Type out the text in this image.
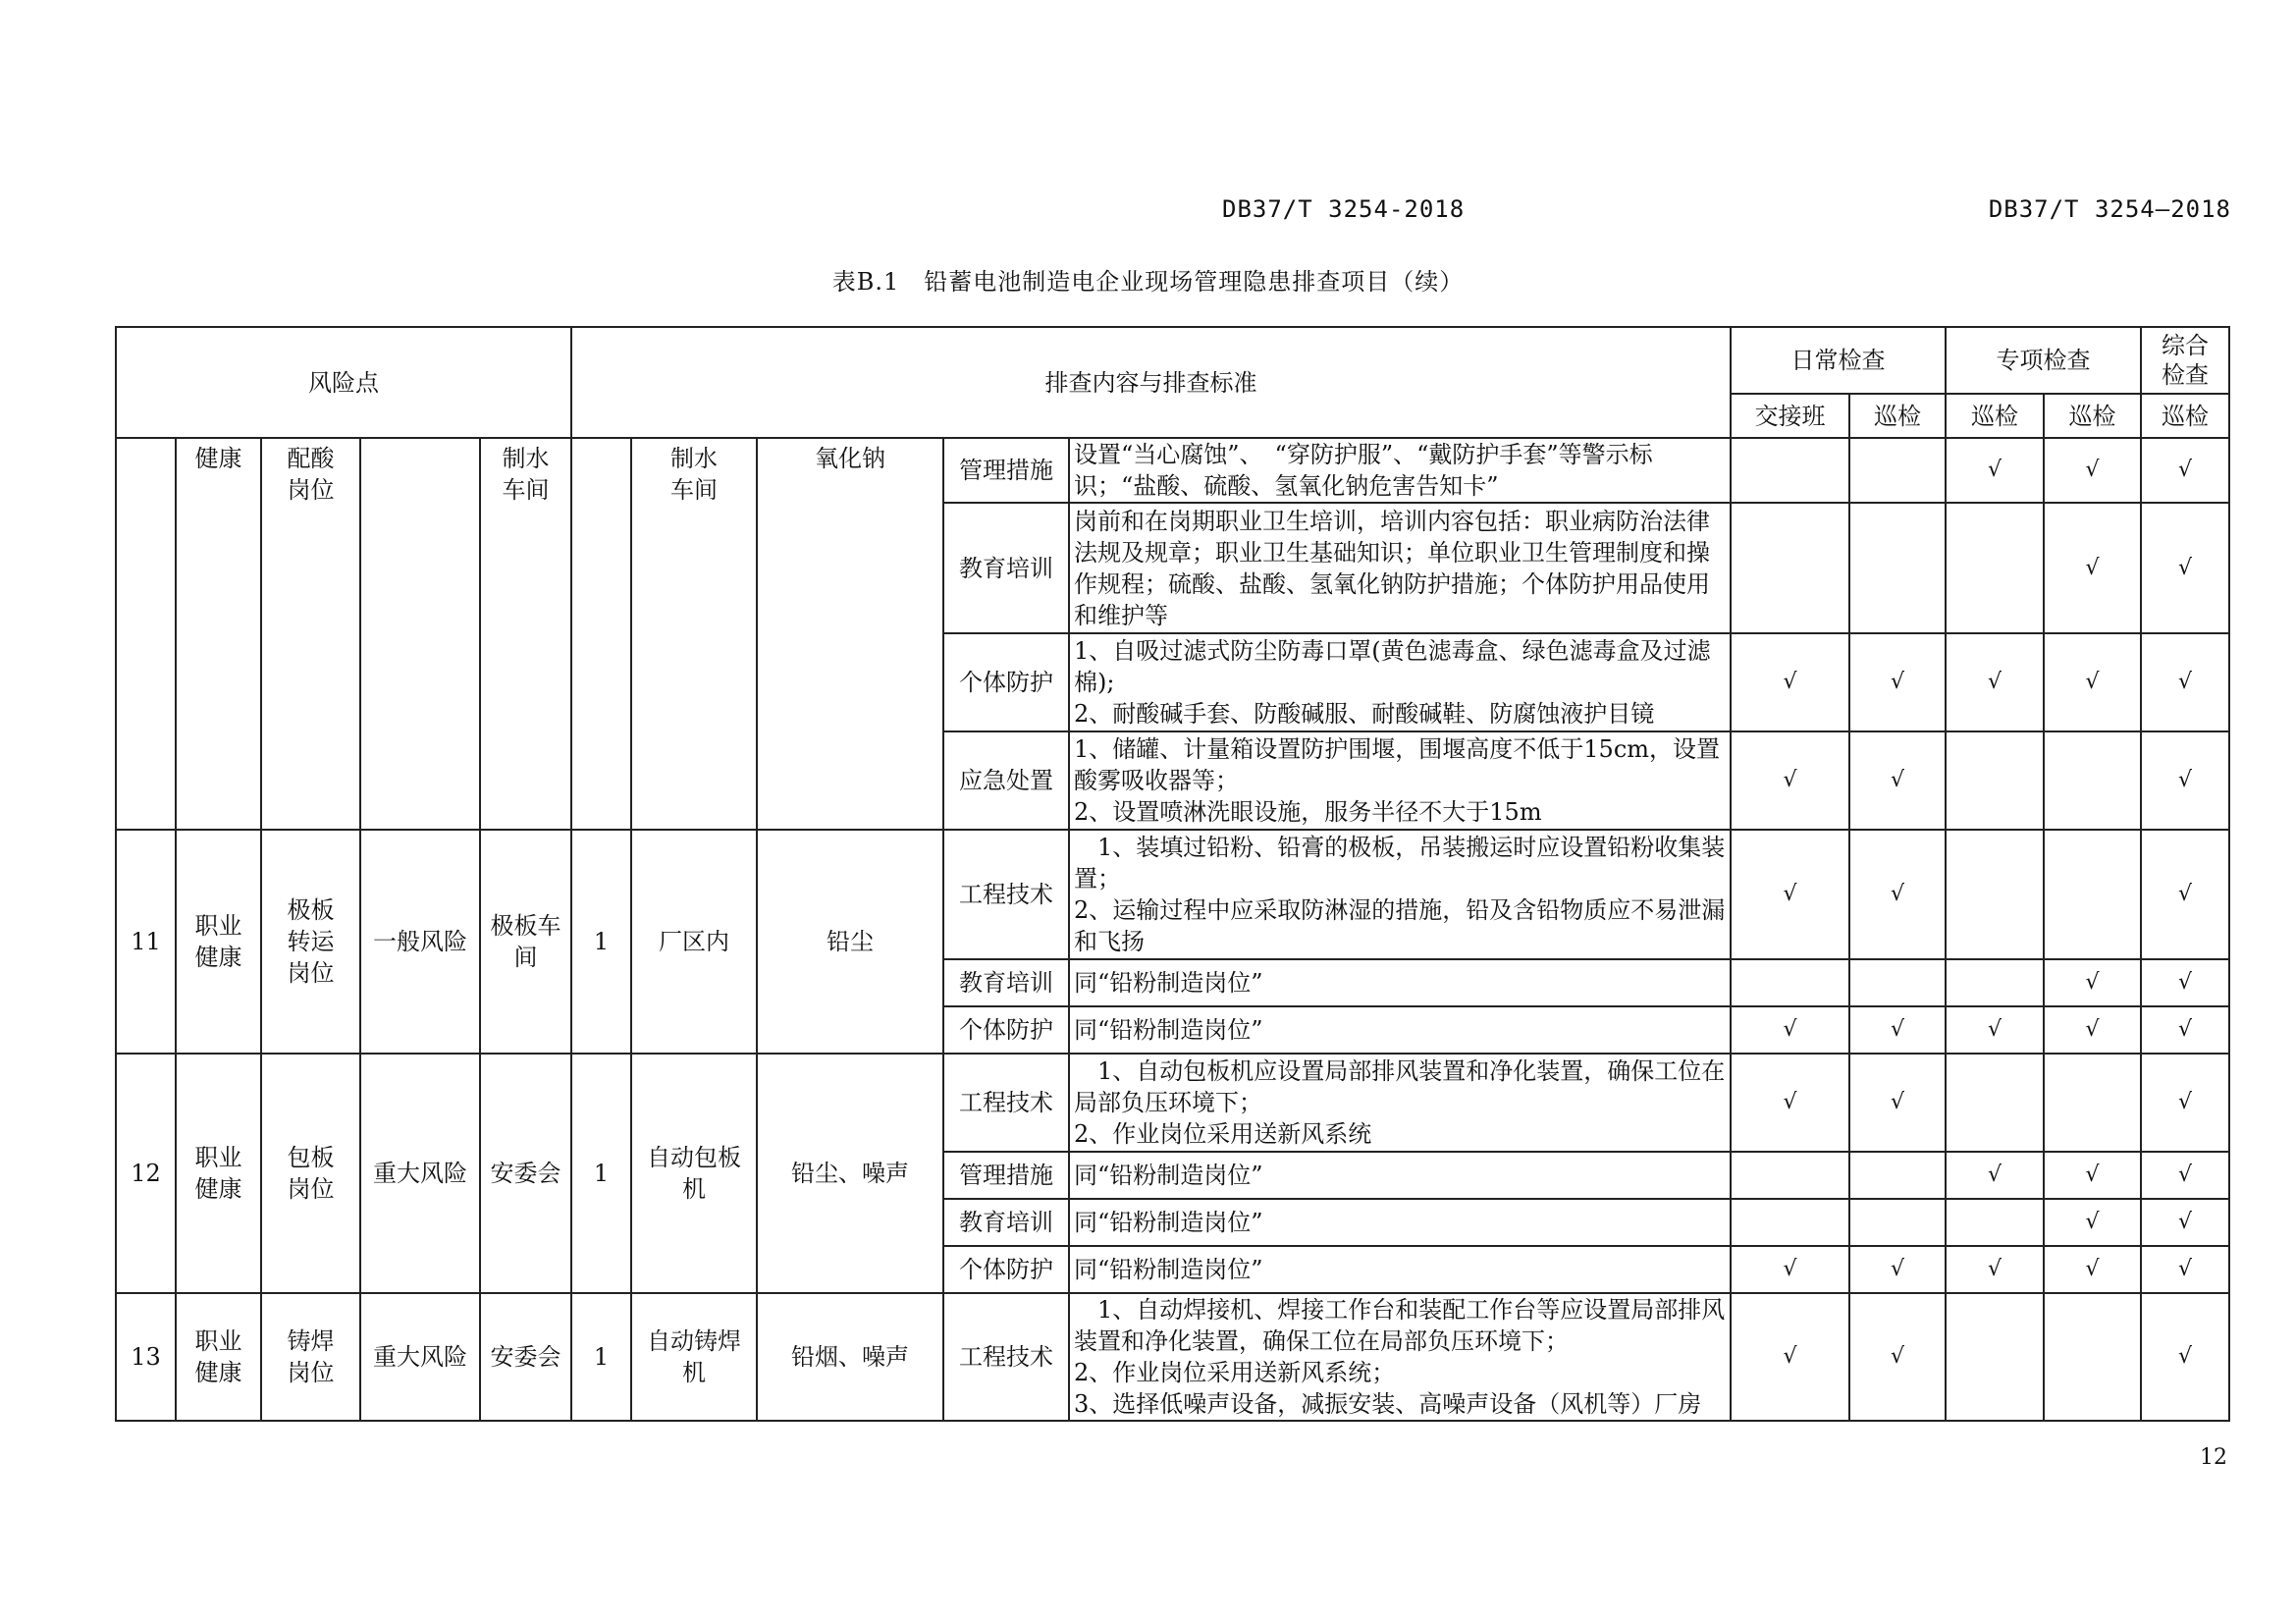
DB37/T 3254-2018	DB37/T 3254—2018
表B.1　铅蓄电池制造电企业现场管理隐患排查项目（续）
风险点					排查内容与排查标准					日常检查		专项检查		综合检查
										交接班	巡检	巡检	巡检	巡检
	健康	配酸岗位		制水车间		制水车间	氧化钠	管理措施	设置“当心腐蚀”、　“穿防护服”、“戴防护手套”等警示标识；“盐酸、硫酸、氢氧化钠危害告知卡”			√	√	√
								教育培训	岗前和在岗期职业卫生培训，培训内容包括：职业病防治法律法规及规章；职业卫生基础知识；单位职业卫生管理制度和操作规程；硫酸、盐酸、氢氧化钠防护措施；个体防护用品使用和维护等				√	√
								个体防护	1、自吸过滤式防尘防毒口罩(黄色滤毒盒、绿色滤毒盒及过滤棉);
2、耐酸碱手套、防酸碱服、耐酸碱鞋、防腐蚀液护目镜	√	√	√	√	√
								应急处置	1、储罐、计量箱设置防护围堰，围堰高度不低于15cm，设置酸雾吸收器等；
2、设置喷淋洗眼设施，服务半径不大于15m	√	√			√
11	职业健康	极板转运岗位	一般风险	极板车间	1	厂区内	铅尘	工程技术	　1、装填过铅粉、铅膏的极板，吊装搬运时应设置铅粉收集装置；
2、运输过程中应采取防淋湿的措施，铅及含铅物质应不易泄漏和飞扬	√	√			√
								教育培训	同“铅粉制造岗位”				√	√
								个体防护	同“铅粉制造岗位”	√	√	√	√	√
12	职业健康	包板岗位	重大风险	安委会	1	自动包板机	铅尘、噪声	工程技术	　1、自动包板机应设置局部排风装置和净化装置，确保工位在局部负压环境下；
2、作业岗位采用送新风系统	√	√			√
								管理措施	同“铅粉制造岗位”			√	√	√
								教育培训	同“铅粉制造岗位”				√	√
								个体防护	同“铅粉制造岗位”	√	√	√	√	√
13	职业健康	铸焊岗位	重大风险	安委会	1	自动铸焊机	铅烟、噪声	工程技术	　1、自动焊接机、焊接工作台和装配工作台等应设置局部排风装置和净化装置，确保工位在局部负压环境下；
2、作业岗位采用送新风系统；
3、选择低噪声设备，减振安装、高噪声设备（风机等）厂房	√	√			√
12
